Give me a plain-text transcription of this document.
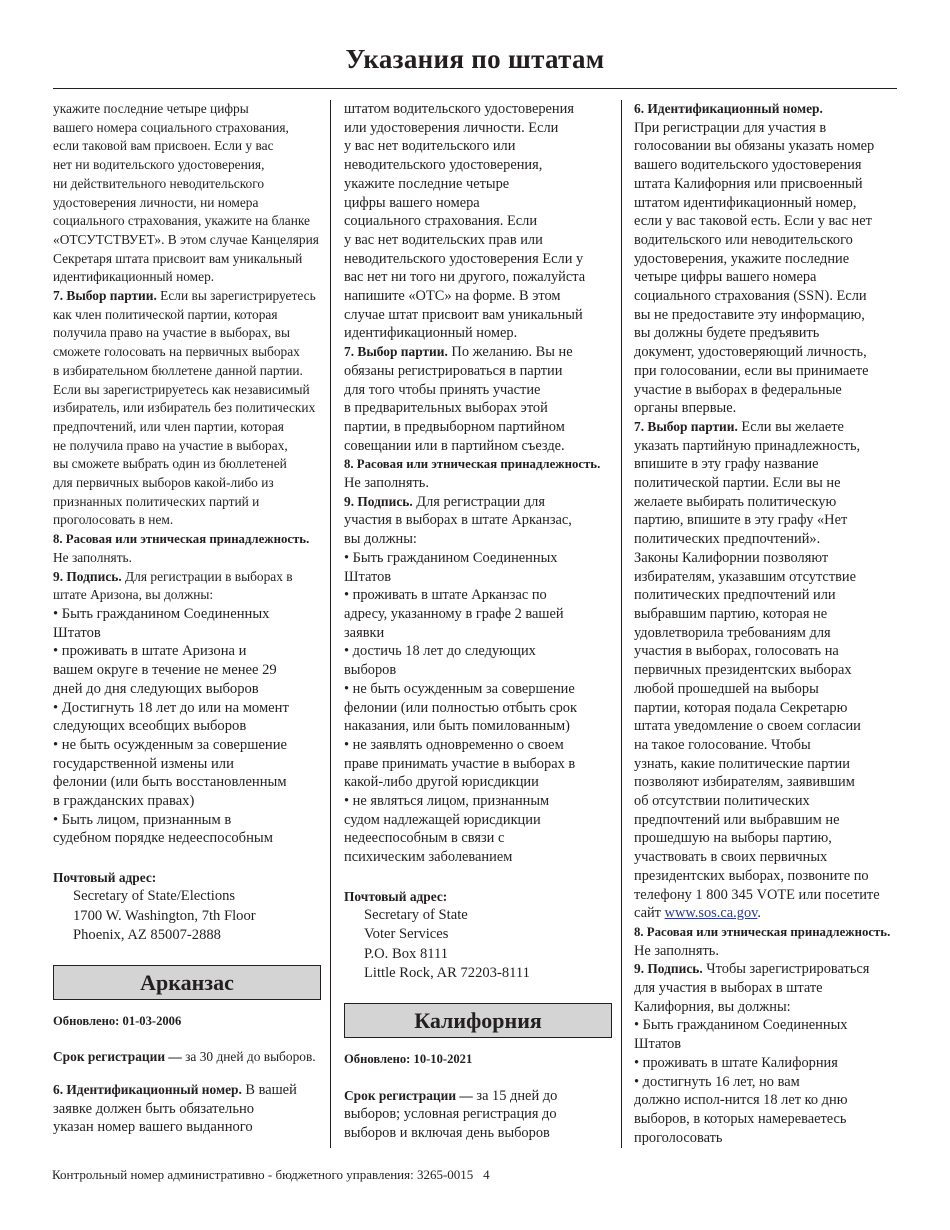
Указания по штатам
укажите последние четыре цифры
вашего номера социального страхования,
если таковой вам присвоен. Если у вас
нет ни водительского удостоверения,
ни действительного неводительского
удостоверения личности, ни номера
социального страхования, укажите на бланке
«ОТСУТСТВУЕТ». В этом случае Канцелярия
Секретаря штата присвоит вам уникальный
идентификационный номер.
7. Выбор партии. Если вы зарегистрируетесь
как член политической партии, которая
получила право на участие в выборах, вы
сможете голосовать на первичных выборах
в избирательном бюллетене данной партии.
Если вы зарегистрируетесь как независимый
избиратель, или избиратель без политических
предпочтений, или член партии, которая
не получила право на участие в выборах,
вы сможете выбрать один из бюллетеней
для первичных выборов какой-либо из
признанных политических партий и
проголосовать в нем.
8. Расовая или этническая принадлежность.
Не заполнять.
9. Подпись. Для регистрации в выборах в
штате Аризона, вы должны:
• Быть гражданином Соединенных
Штатов
• проживать в штате Аризона и
вашем округе в течение не менее 29
дней до дня следующих выборов
• Достигнуть 18 лет до или на момент
следующих всеобщих выборов
• не быть осужденным за совершение
государственной измены или
фелонии (или быть восстановленным
в гражданских правах)
• Быть лицом, признанным в
судебном порядке недееспособным
Почтовый адрес:
Secretary of State/Elections
1700 W. Washington, 7th Floor
Phoenix, AZ 85007-2888
Арканзас
Обновлено: 01-03-2006
Срок регистрации — за 30 дней до выборов.
6. Идентификационный номер. В вашей
заявке должен быть обязательно
указан номер вашего выданного
штатом водительского удостоверения
или удостоверения личности. Если
у вас нет водительского или
неводительского удостоверения,
укажите последние четыре
цифры вашего номера
социального страхования. Если
у вас нет водительских прав или
неводительского удостоверения Если у
вас нет ни того ни другого, пожалуйста
напишите «ОТС» на форме. В этом
случае штат присвоит вам уникальный
идентификационный номер.
7. Выбор партии. По желанию. Вы не
обязаны регистрироваться в партии
для того чтобы принять участие
в предварительных выборах этой
партии, в предвыборном партийном
совещании или в партийном съезде.
8. Расовая или этническая принадлежность.
Не заполнять.
9. Подпись. Для регистрации для
участия в выборах в штате Арканзас,
вы должны:
• Быть гражданином Соединенных
Штатов
• проживать в штате Арканзас по
адресу, указанному в графе 2 вашей
заявки
• достичь 18 лет до следующих
выборов
• не быть осужденным за совершение
фелонии (или полностью отбыть срок
наказания, или быть помилованным)
• не заявлять одновременно о своем
праве принимать участие в выборах в
какой-либо другой юрисдикции
• не являться лицом, признанным
судом надлежащей юрисдикции
недееспособным в связи с
психическим заболеванием
Почтовый адрес:
Secretary of State
Voter Services
P.O. Box 8111
Little Rock, AR 72203-8111
Калифорния
Обновлено: 10-10-2021
Срок регистрации — за 15 дней до
выборов; условная регистрация до
выборов и включая день выборов
6. Идентификационный номер.
При регистрации для участия в
голосовании вы обязаны указать номер
вашего водительского удостоверения
штата Калифорния или присвоенный
штатом идентификационный номер,
если у вас таковой есть. Если у вас нет
водительского или неводительского
удостоверения, укажите последние
четыре цифры вашего номера
социального страхования (SSN). Если
вы не предоставите эту информацию,
вы должны будете предъявить
документ, удостоверяющий личность,
при голосовании, если вы принимаете
участие в выборах в федеральные
органы впервые.
7. Выбор партии. Если вы желаете
указать партийную принадлежность,
впишите в эту графу название
политической партии. Если вы не
желаете выбирать политическую
партию, впишите в эту графу «Нет
политических предпочтений».
Законы Калифорнии позволяют
избирателям, указавшим отсутствие
политических предпочтений или
выбравшим партию, которая не
удовлетворила требованиям для
участия в выборах, голосовать на
первичных президентских выборах
любой прошедшей на выборы
партии, которая подала Секретарю
штата уведомление о своем согласии
на такое голосование. Чтобы
узнать, какие политические партии
позволяют избирателям, заявившим
об отсутствии политических
предпочтений или выбравшим не
прошедшую на выборы партию,
участвовать в своих первичных
президентских выборах, позвоните по
телефону 1 800 345 VOTE или посетите
сайт www.sos.ca.gov.
8. Расовая или этническая принадлежность.
Не заполнять.
9. Подпись. Чтобы зарегистрироваться
для участия в выборах в штате
Калифорния, вы должны:
• Быть гражданином Соединенных
Штатов
• проживать в штате Калифорния
• достигнуть 16 лет, но вам
должно испол-нится 18 лет ко дню
выборов, в которых намереваетесь
проголосовать
Контрольный номер административно - бюджетного управления: 3265-0015 4
